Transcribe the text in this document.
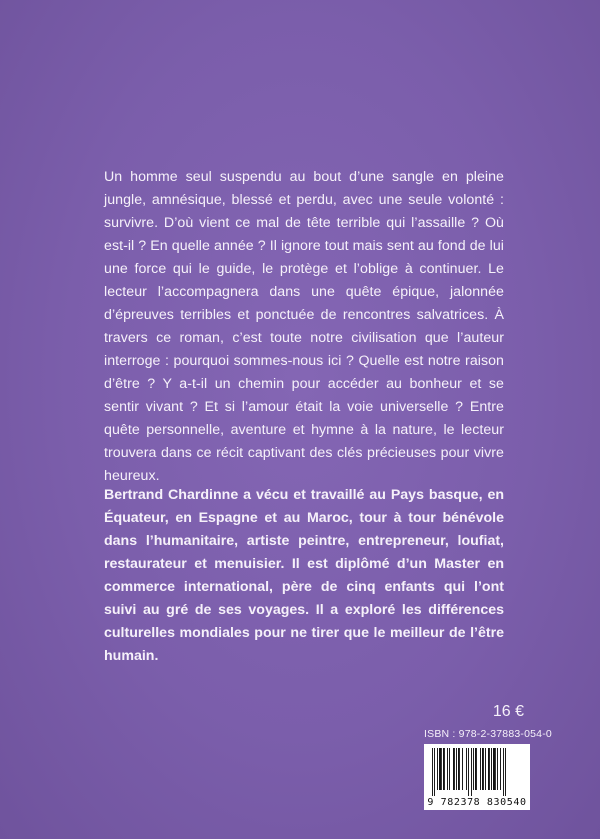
Un homme seul suspendu au bout d’une sangle en pleine jungle, amnésique, blessé et perdu, avec une seule volonté : survivre. D’où vient ce mal de tête terrible qui l’assaille ? Où est-il ? En quelle année ? Il ignore tout mais sent au fond de lui une force qui le guide, le protège et l’oblige à continuer. Le lecteur l’accompagnera dans une quête épique, jalonnée d’épreuves terribles et ponctuée de rencontres salvatrices. À travers ce roman, c’est toute notre civilisation que l’auteur interroge : pourquoi sommes-nous ici ? Quelle est notre raison d’être ? Y a-t-il un chemin pour accéder au bonheur et se sentir vivant ? Et si l’amour était la voie universelle ? Entre quête personnelle, aventure et hymne à la nature, le lecteur trouvera dans ce récit captivant des clés précieuses pour vivre heureux.

Bertrand Chardinne a vécu et travaillé au Pays basque, en Équateur, en Espagne et au Maroc, tour à tour bénévole dans l’humanitaire, artiste peintre, entrepreneur, loufiat, restaurateur et menuisier. Il est diplômé d’un Master en commerce international, père de cinq enfants qui l’ont suivi au gré de ses voyages. Il a exploré les différences culturelles mondiales pour ne tirer que le meilleur de l’être humain.

16 €
ISBN : 978-2-37883-054-0
9 782378 830540
